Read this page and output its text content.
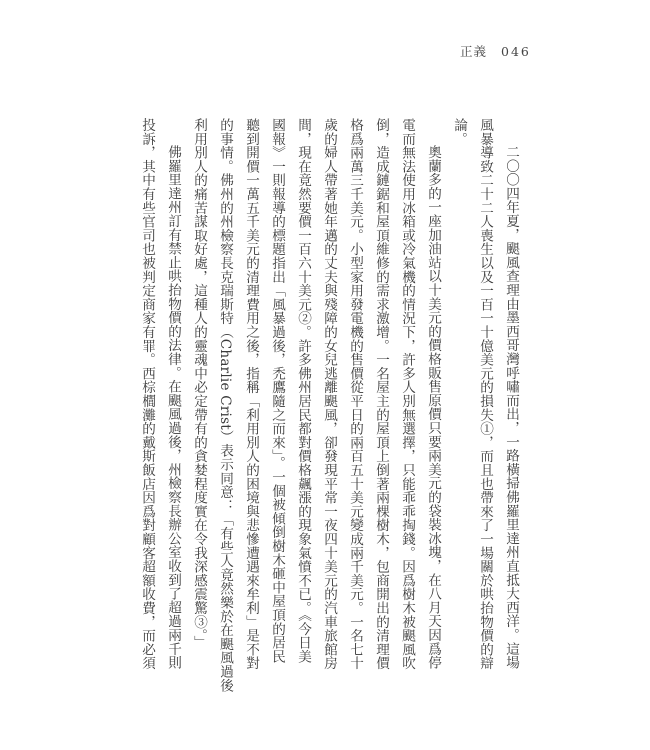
正義 046
二〇〇四年夏，颶風查理由墨西哥灣呼嘯而出，一路橫掃佛羅里達州直抵大西洋。這場
風暴導致二十二人喪生以及一百一十億美元的損失①，而且也帶來了一場關於哄抬物價的辯
論。
奧蘭多的一座加油站以十美元的價格販售原價只要兩美元的袋裝冰塊，在八月天因爲停
電而無法使用冰箱或冷氣機的情況下，許多人別無選擇，只能乖乖掏錢。因爲樹木被颶風吹
倒，造成鏈鋸和屋頂維修的需求激增。一名屋主的屋頂上倒著兩棵樹木，包商開出的清理價
格爲兩萬三千美元。小型家用發電機的售價從平日的兩百五十美元變成兩千美元。一名七十
歲的婦人帶著她年邁的丈夫與殘障的女兒逃離颶風，卻發現平常一夜四十美元的汽車旅館房
間，現在竟然要價一百六十美元②。許多佛州居民都對價格飆漲的現象氣憤不已。《今日美
國報》一則報導的標題指出「風暴過後，禿鷹隨之而來」。一個被傾倒樹木砸中屋頂的居民
聽到開價一萬五千美元的清理費用之後，指稱「利用別人的困境與悲慘遭遇來牟利」是不對
的事情。佛州的州檢察長克瑞斯特（Charlie Crist）表示同意：「有些人竟然樂於在颶風過後
利用別人的痛苦謀取好處，這種人的靈魂中必定帶有的貪婪程度實在令我深感震驚③。」
佛羅里達州訂有禁止哄抬物價的法律。在颶風過後，州檢察長辦公室收到了超過兩千則
投訴，其中有些官司也被判定商家有罪。西棕櫚灘的戴斯飯店因爲對顧客超額收費，而必須
